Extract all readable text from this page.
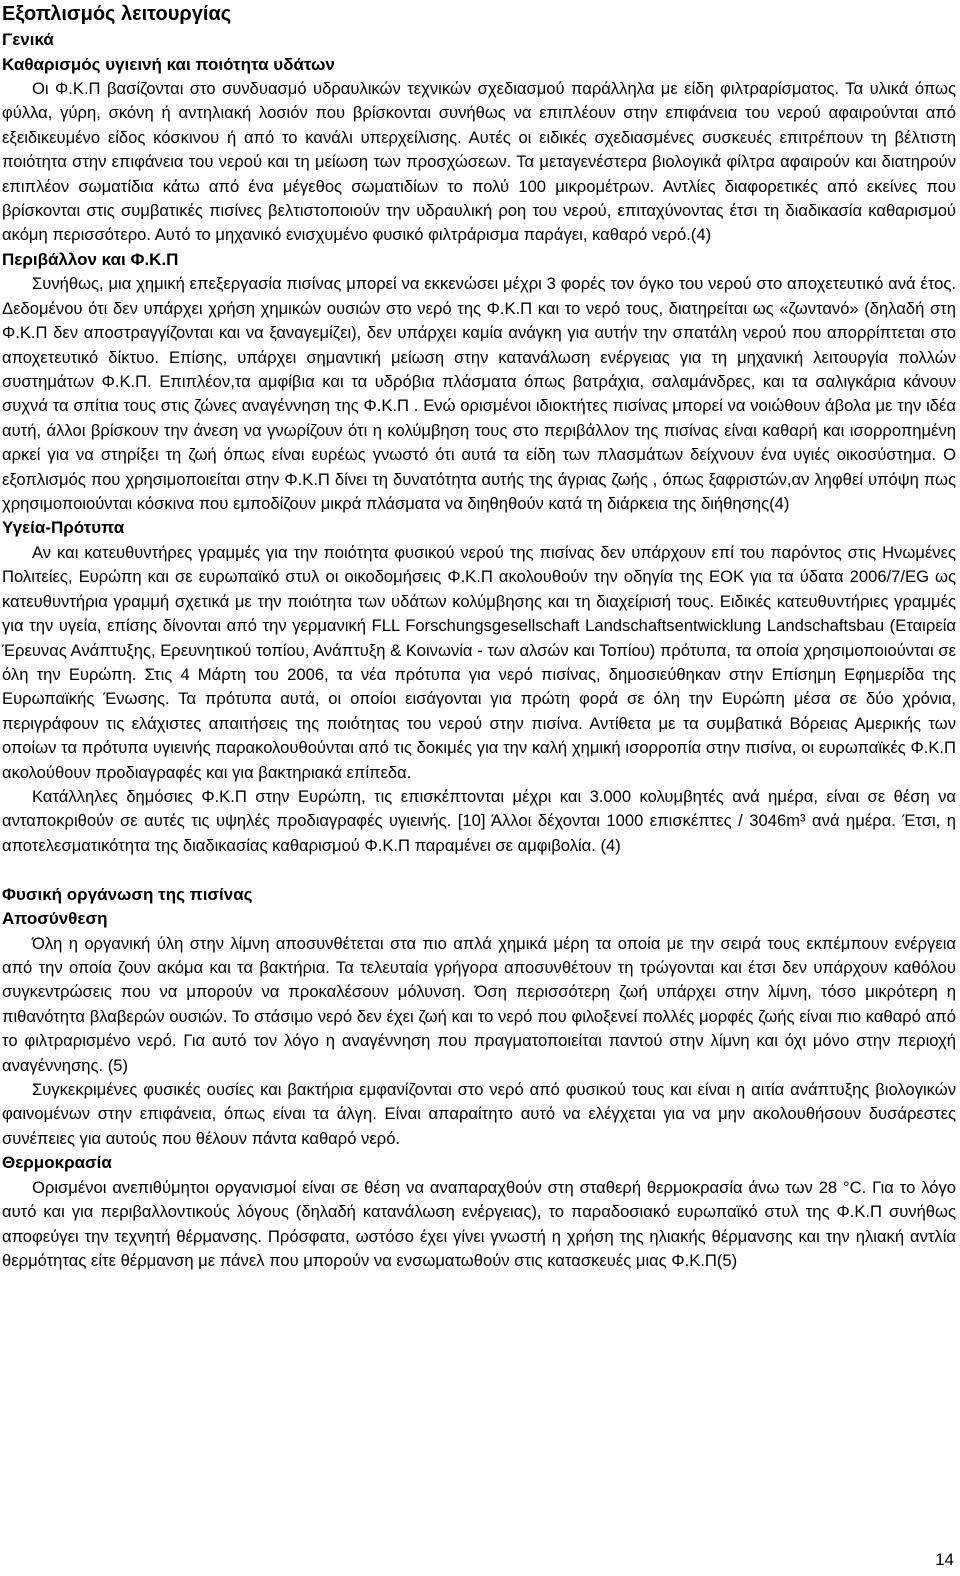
Εξοπλισμός λειτουργίας
Γενικά
Καθαρισμός υγιεινή και ποιότητα υδάτων
Οι Φ.Κ.Π βασίζονται στο συνδυασμό υδραυλικών τεχνικών σχεδιασμού παράλληλα με είδη φιλτραρίσματος. Τα υλικά όπως φύλλα, γύρη, σκόνη ή αντηλιακή λοσιόν που βρίσκονται συνήθως να επιπλέουν στην επιφάνεια του νερού αφαιρούνται από εξειδικευμένο είδος κόσκινου ή από το κανάλι υπερχείλισης. Αυτές οι ειδικές σχεδιασμένες συσκευές επιτρέπουν τη βέλτιστη ποιότητα στην επιφάνεια του νερού και τη μείωση των προσχώσεων. Τα μεταγενέστερα βιολογικά φίλτρα αφαιρούν και διατηρούν επιπλέον σωματίδια κάτω από ένα μέγεθος σωματιδίων το πολύ 100 μικρομέτρων. Αντλίες διαφορετικές από εκείνες που βρίσκονται στις συμβατικές πισίνες βελτιστοποιούν την υδραυλική ροη του νερού, επιταχύνοντας έτσι τη διαδικασία καθαρισμού ακόμη περισσότερο. Αυτό το μηχανικό ενισχυμένο φυσικό φιλτράρισμα παράγει, καθαρό νερό.(4)
Περιβάλλον και Φ.Κ.Π
Συνήθως, μια χημική επεξεργασία πισίνας μπορεί να εκκενώσει μέχρι 3 φορές τον όγκο του νερού στο αποχετευτικό ανά έτος. Δεδομένου ότι δεν υπάρχει χρήση χημικών ουσιών στο νερό της Φ.Κ.Π και το νερό τους, διατηρείται ως «ζωντανό» (δηλαδή στη Φ.Κ.Π δεν αποστραγγίζονται και να ξαναγεμίζει), δεν υπάρχει καμία ανάγκη για αυτήν την σπατάλη νερού που απορρίπτεται στο αποχετευτικό δίκτυο. Επίσης, υπάρχει σημαντική μείωση στην κατανάλωση ενέργειας για τη μηχανική λειτουργία πολλών συστημάτων Φ.Κ.Π. Επιπλέον,τα αμφίβια και τα υδρόβια πλάσματα όπως βατράχια, σαλαμάνδρες, και τα σαλιγκάρια κάνουν συχνά τα σπίτια τους στις ζώνες αναγέννηση της Φ.Κ.Π . Ενώ ορισμένοι ιδιοκτήτες πισίνας μπορεί να νοιώθουν άβολα με την ιδέα αυτή, άλλοι βρίσκουν την άνεση να γνωρίζουν ότι η κολύμβηση τους στο περιβάλλον της πισίνας είναι καθαρή και ισορροπημένη αρκεί για να στηρίξει τη ζωή όπως είναι ευρέως γνωστό ότι αυτά τα είδη των πλασμάτων δείχνουν ένα υγιές οικοσύστημα. Ο εξοπλισμός που χρησιμοποιείται στην Φ.Κ.Π δίνει τη δυνατότητα αυτής της άγριας ζωής , όπως ξαφριστών,αν ληφθεί υπόψη πως χρησιμοποιούνται κόσκινα που εμποδίζουν μικρά πλάσματα να διηθηθούν κατά τη διάρκεια της διήθησης(4)
Υγεία-Πρότυπα
Αν και κατευθυντήρες γραμμές για την ποιότητα φυσικού νερού της πισίνας δεν υπάρχουν επί του παρόντος στις Ηνωμένες Πολιτείες, Ευρώπη και σε ευρωπαϊκό στυλ οι οικοδομήσεις Φ.Κ.Π ακολουθούν την οδηγία της ΕΟΚ για τα ύδατα 2006/7/EG ως κατευθυντήρια γραμμή σχετικά με την ποιότητα των υδάτων κολύμβησης και τη διαχείρισή τους. Ειδικές κατευθυντήριες γραμμές για την υγεία, επίσης δίνονται από την γερμανική FLL Forschungsgesellschaft Landschaftsentwicklung Landschaftsbau (Εταιρεία Έρευνας Ανάπτυξης, Ερευνητικού τοπίου, Ανάπτυξη & Κοινωνία - των αλσών και Τοπίου) πρότυπα, τα οποία χρησιμοποιούνται σε όλη την Ευρώπη. Στις 4 Μάρτη του 2006, τα νέα πρότυπα για νερό πισίνας, δημοσιεύθηκαν στην Επίσημη Εφημερίδα της Ευρωπαϊκής Ένωσης. Τα πρότυπα αυτά, οι οποίοι εισάγονται για πρώτη φορά σε όλη την Ευρώπη μέσα σε δύο χρόνια, περιγράφουν τις ελάχιστες απαιτήσεις της ποιότητας του νερού στην πισίνα. Αντίθετα με τα συμβατικά Βόρειας Αμερικής των οποίων τα πρότυπα υγιεινής παρακολουθούνται από τις δοκιμές για την καλή χημική ισορροπία στην πισίνα, οι ευρωπαϊκές Φ.Κ.Π ακολούθουν προδιαγραφές και για βακτηριακά επίπεδα.
Κατάλληλες δημόσιες Φ.Κ.Π στην Ευρώπη, τις επισκέπτονται μέχρι και 3.000 κολυμβητές ανά ημέρα, είναι σε θέση να ανταποκριθούν σε αυτές τις υψηλές προδιαγραφές υγιεινής. [10] Άλλοι δέχονται 1000 επισκέπτες / 3046m³ ανά ημέρα. Έτσι, η αποτελεσματικότητα της διαδικασίας καθαρισμού Φ.Κ.Π παραμένει σε αμφιβολία. (4)
Φυσική οργάνωση της πισίνας
Αποσύνθεση
Όλη η οργανική ύλη στην λίμνη αποσυνθέτεται στα πιο απλά χημικά μέρη τα οποία με την σειρά τους εκπέμπουν ενέργεια από την οποία ζουν ακόμα και τα βακτήρια. Τα τελευταία γρήγορα αποσυνθέτουν τη τρώγονται και έτσι δεν υπάρχουν καθόλου συγκεντρώσεις που να μπορούν να προκαλέσουν μόλυνση. Όση περισσότερη ζωή υπάρχει στην λίμνη, τόσο μικρότερη η πιθανότητα βλαβερών ουσιών. Το στάσιμο νερό δεν έχει ζωή και το νερό που φιλοξενεί πολλές μορφές ζωής είναι πιο καθαρό από το φιλτραρισμένο νερό. Για αυτό τον λόγο η αναγέννηση που πραγματοποιείται παντού στην λίμνη και όχι μόνο στην περιοχή αναγέννησης. (5)
Συγκεκριμένες φυσικές ουσίες και βακτήρια εμφανίζονται στο νερό από φυσικού τους και είναι η αιτία ανάπτυξης βιολογικών φαινομένων στην επιφάνεια, όπως είναι τα άλγη. Είναι απαραίτητο αυτό να ελέγχεται για να μην ακολουθήσουν δυσάρεστες συνέπειες για αυτούς που θέλουν πάντα καθαρό νερό.
Θερμοκρασία
Ορισμένοι ανεπιθύμητοι οργανισμοί είναι σε θέση να αναπαραχθούν στη σταθερή θερμοκρασία άνω των 28 °C. Για το λόγο αυτό και για περιβαλλοντικούς λόγους (δηλαδή κατανάλωση ενέργειας), το παραδοσιακό ευρωπαϊκό στυλ της Φ.Κ.Π συνήθως αποφεύγει την τεχνητή θέρμανσης. Πρόσφατα, ωστόσο έχει γίνει γνωστή η χρήση της ηλιακής θέρμανσης και την ηλιακή αντλία θερμότητας είτε θέρμανση με πάνελ που μπορούν να ενσωματωθούν στις κατασκευές μιας Φ.Κ.Π(5)
14
